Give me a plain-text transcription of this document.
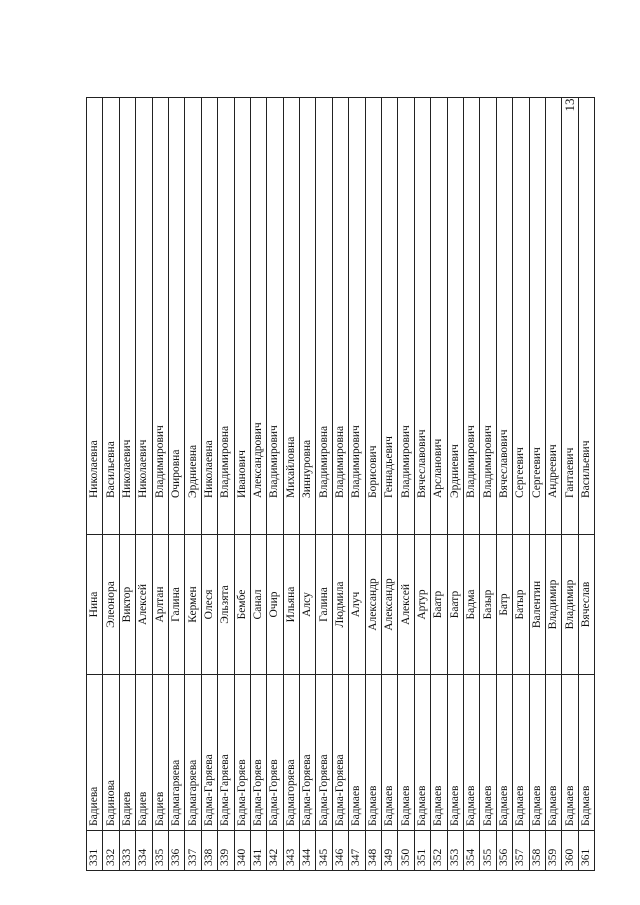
13
331	Бадиева	Нина	Николаевна
332	Бадинова	Элеонора	Васильевна
333	Бадиев	Виктор	Николаевич
334	Бадиев	Алексей	Николаевич
335	Бадиев	Арлтан	Владимирович
336	Бадмагаряева	Галина	Очировна
337	Бадмагаряева	Кермен	Эрдниевна
338	Бадма-Гаряева	Олеся	Николаевна
339	Бадма-Гаряева	Эльзята	Владимировна
340	Бадма-Горяев	Бембе	Иванович
341	Бадма-Горяев	Санал	Александрович
342	Бадма-Горяев	Очир	Владимирович
343	Бадмагоряева	Ильяна	Михайловна
344	Бадма-Горяева	Алсу	Зиннуровна
345	Бадма-Горяева	Галина	Владимировна
346	Бадма-Горяева	Людмила	Владимировна
347	Бадмаев	Алуч	Владимирович
348	Бадмаев	Александр	Борисович
349	Бадмаев	Александр	Геннадьевич
350	Бадмаев	Алексей	Владимирович
351	Бадмаев	Артур	Вячеславович
352	Бадмаев	Баатр	Арсланович
353	Бадмаев	Баатр	Эрдниевич
354	Бадмаев	Бадма	Владимирович
355	Бадмаев	Базыр	Владимирович
356	Бадмаев	Батр	Вячеславович
357	Бадмаев	Батыр	Сергеевич
358	Бадмаев	Валентин	Сергеевич
359	Бадмаев	Владимир	Андреевич
360	Бадмаев	Владимир	Гантаевич
361	Бадмаев	Вячеслав	Васильевич
